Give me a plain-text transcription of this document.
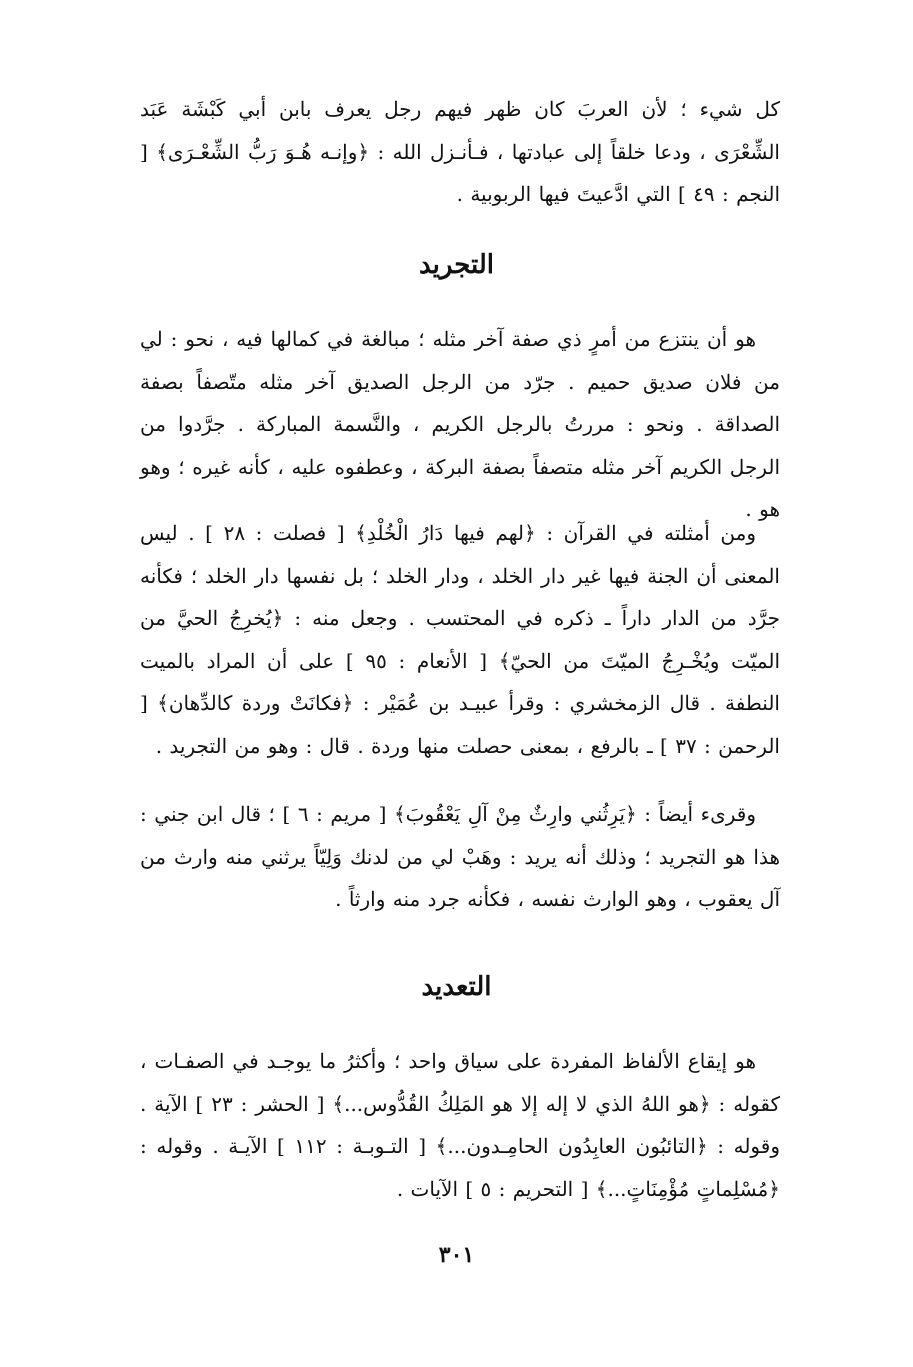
كل شيء ؛ لأن العربَ كان ظهر فيهم رجل يعرف بابن أبي كَبْشَة عَبَد الشِّعْرَى ، ودعا خلقاً إلى عبادتها ، فـأنـزل الله : ﴿وإنـه هُـوَ رَبُّ الشِّعْـرَى﴾ [ النجم : ٤٩ ] التي ادَّعيتَ فيها الربوبية .

التجريد

هو أن ينتزع من أمرٍ ذي صفة آخر مثله ؛ مبالغة في كمالها فيه ، نحو : لي من فلان صديق حميم . جرّد من الرجل الصديق آخر مثله متّصفاً بصفة الصداقة . ونحو : مررتُ بالرجل الكريم ، والنَّسمة المباركة . جرَّدوا من الرجل الكريم آخر مثله متصفاً بصفة البركة ، وعطفوه عليه ، كأنه غيره ؛ وهو هو .

ومن أمثلته في القرآن : ﴿لهم فيها دَارُ الْخُلْدِ﴾ [ فصلت : ٢٨ ] . ليس المعنى أن الجنة فيها غير دار الخلد ، ودار الخلد ؛ بل نفسها دار الخلد ؛ فكأنه جرَّد من الدار داراً ـ ذكره في المحتسب . وجعل منه : ﴿يُخرِجُ الحيَّ من الميّت ويُخْـرِجُ الميّتَ من الحيّ﴾ [ الأنعام : ٩٥ ] على أن المراد بالميت النطفة . قال الزمخشري : وقرأ عبيـد بن عُمَيْر : ﴿فكانَتْ وردة كالدِّهان﴾ [ الرحمن : ٣٧ ] ـ بالرفع ، بمعنى حصلت منها وردة . قال : وهو من التجريد .

وقرىء أيضاً : ﴿يَرِثُني وارِثٌ مِنْ آلِ يَعْقُوبَ﴾ [ مريم : ٦ ] ؛ قال ابن جني : هذا هو التجريد ؛ وذلك أنه يريد : وهَبْ لي من لدنك وَلِيّاً يرثني منه وارث من آل يعقوب ، وهو الوارث نفسه ، فكأنه جرد منه وارثاً .

التعديد

هو إيقاع الألفاظ المفردة على سياق واحد ؛ وأكثرُ ما يوجـد في الصفـات ، كقوله : ﴿هو اللهُ الذي لا إله إلا هو المَلِكُ القُدُّوس...﴾ [ الحشر : ٢٣ ] الآية . وقوله : ﴿التائبُون العابِدُون الحامِـدون...﴾ [ التـوبـة : ١١٢ ] الآيـة . وقوله : ﴿مُسْلِماتٍ مُؤْمِنَاتٍ...﴾ [ التحريم : ٥ ] الآيات .

٣٠١
